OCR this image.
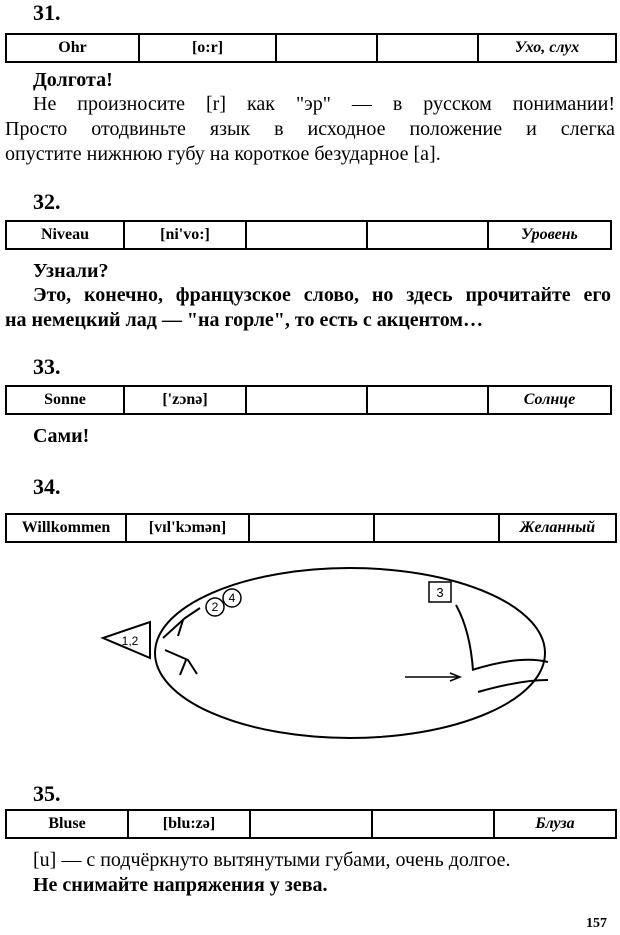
31.
Ohr	[o:r]			Ухо, слух
Долгота!
Не произносите [r] как "эр" — в русском понимании!
Просто отодвиньте язык в исходное положение и слегка
опустите нижнюю губу на короткое безударное [a].
32.
Niveau	[ni'vo:]			Уровень
Узнали?
Это, конечно, французское слово, но здесь прочитайте его
на немецкий лад — "на горле", то есть с акцентом…
33.
Sonne	['zɔnə]			Солнце
Сами!
34.
Willkommen	[vɪl'kɔmən]			Желанный
1,2
2
4	3
35.
Bluse	[blu:zə]			Блуза
[u] — с подчёркнуто вытянутыми губами, очень долгое.
Не снимайте напряжения у зева.
157
